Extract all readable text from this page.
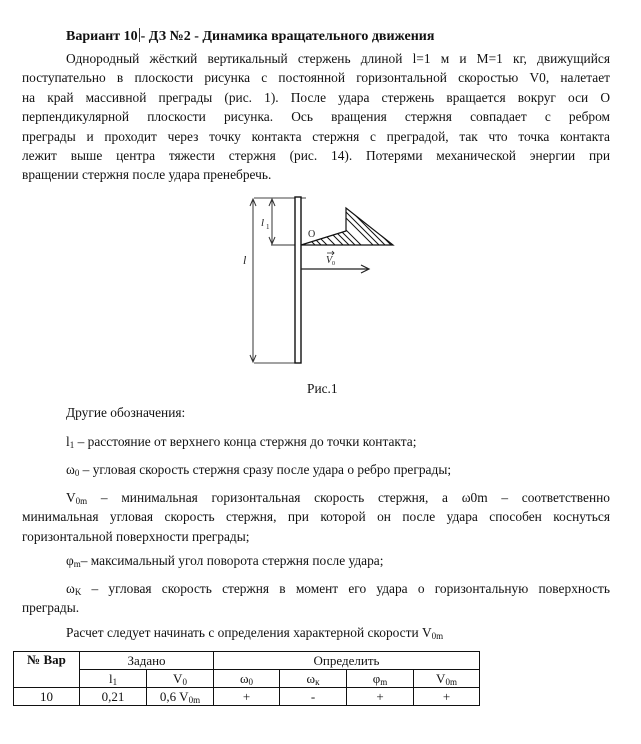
Вариант 10 - ДЗ №2 - Динамика вращательного движения
Однородный жёсткий вертикальный стержень длиной l=1 м и M=1 кг, движущийся
поступательно в плоскости рисунка с постоянной горизонтальной скоростью V0, налетает
на край массивной преграды (рис. 1). После удара стержень вращается вокруг оси O
перпендикулярной плоскости рисунка. Ось вращения стержня совпадает с ребром
преграды и проходит через точку контакта стержня с преградой, так что точка контакта
лежит выше центра тяжести стержня (рис. 14). Потерями механической энергии при
вращении стержня после удара пренебречь.
l 1
l
O
V 0
Рис.1
Другие обозначения:
$l_1$ – расстояние от верхнего конца стержня до точки контакта;
$\omega_0$ – угловая скорость стержня сразу после удара о ребро преграды;
$V_{0m}$ – минимальная горизонтальная скорость стержня, а ω0m – соответственно
минимальная угловая скорость стержня, при которой он после удара способен коснуться
горизонтальной поверхности преграды;
$\varphi_m-$ максимальный угол поворота стержня после удара;
$\omega_K$ – угловая скорость стержня в момент его удара о горизонтальную поверхность
преграды.
Расчет следует начинать с определения характерной скорости $V_{0m}$
№ Вар	Задано		Определить			
	$l_1$	$V_0$	$\omega_0$	$\omega_к$	$\varphi_m$	$V_{0m}$
10	0,21	0,6 $V_{0m}$	+	-	+	+
